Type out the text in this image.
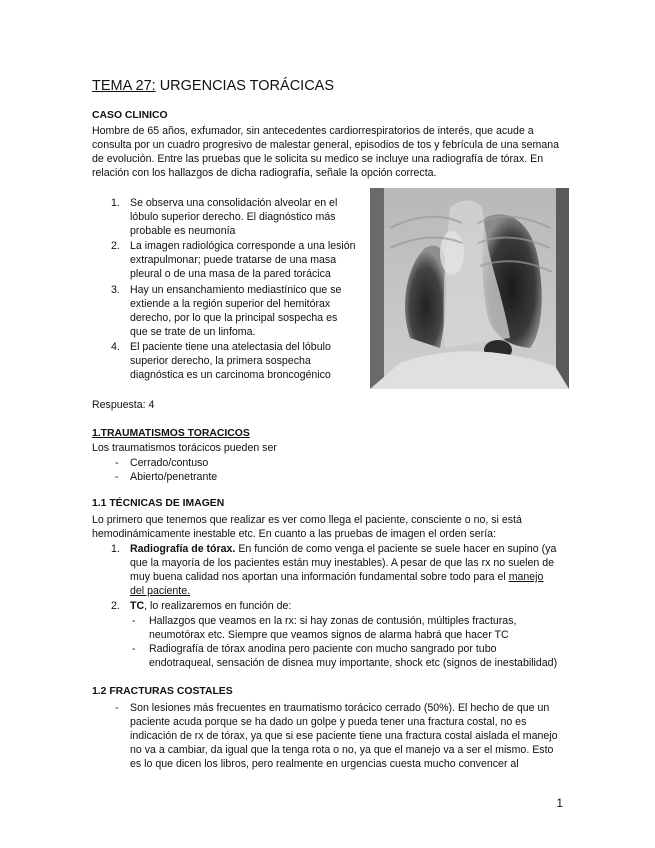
TEMA 27: URGENCIAS TORÁCICAS
CASO CLINICO
Hombre de 65 años, exfumador, sin antecedentes cardiorrespiratorios de interés, que acude a
consulta por un cuadro progresivo de malestar general, episodios de tos y febrícula de una semana
de evolución. Entre las pruebas que le solicita su medico se incluye una radiografía de tórax. En
relación con los hallazgos de dicha radiografía, señale la opción correcta.
1. Se observa una consolidación alveolar en el
lóbulo superior derecho. El diagnóstico más
probable es neumonía
2. La imagen radiológica corresponde a una lesión
extrapulmonar; puede tratarse de una masa
pleural o de una masa de la pared torácica
3. Hay un ensanchamiento mediastínico que se
extiende a la región superior del hemitórax
derecho, por lo que la principal sospecha es
que se trate de un linfoma.
4. El paciente tiene una atelectasia del lóbulo
superior derecho, la primera sospecha
diagnóstica es un carcinoma broncogénico
Respuesta: 4
1.TRAUMATISMOS TORACICOS
Los traumatismos torácicos pueden ser
- Cerrado/contuso
- Abierto/penetrante
1.1 TÉCNICAS DE IMAGEN
Lo primero que tenemos que realizar es ver como llega el paciente, consciente o no, si está
hemodinámicamente inestable etc. En cuanto a las pruebas de imagen el orden sería:
1. Radiografía de tórax. En función de como venga el paciente se suele hacer en supino (ya
que la mayoría de los pacientes están muy inestables). A pesar de que las rx no suelen de
muy buena calidad nos aportan una información fundamental sobre todo para el manejo
del paciente.
2. TC, lo realizaremos en función de:
- Hallazgos que veamos en la rx: si hay zonas de contusión, múltiples fracturas,
neumotórax etc. Siempre que veamos signos de alarma habrá que hacer TC
- Radiografía de tórax anodina pero paciente con mucho sangrado por tubo
endotraqueal, sensación de disnea muy importante, shock etc (signos de inestabilidad)
1.2 FRACTURAS COSTALES
- Son lesiones más frecuentes en traumatismo torácico cerrado (50%). El hecho de que un
paciente acuda porque se ha dado un golpe y pueda tener una fractura costal, no es
indicación de rx de tórax, ya que si ese paciente tiene una fractura costal aislada el manejo
no va a cambiar, da igual que la tenga rota o no, ya que el manejo va a ser el mismo. Esto
es lo que dicen los libros, pero realmente en urgencias cuesta mucho convencer al
1
